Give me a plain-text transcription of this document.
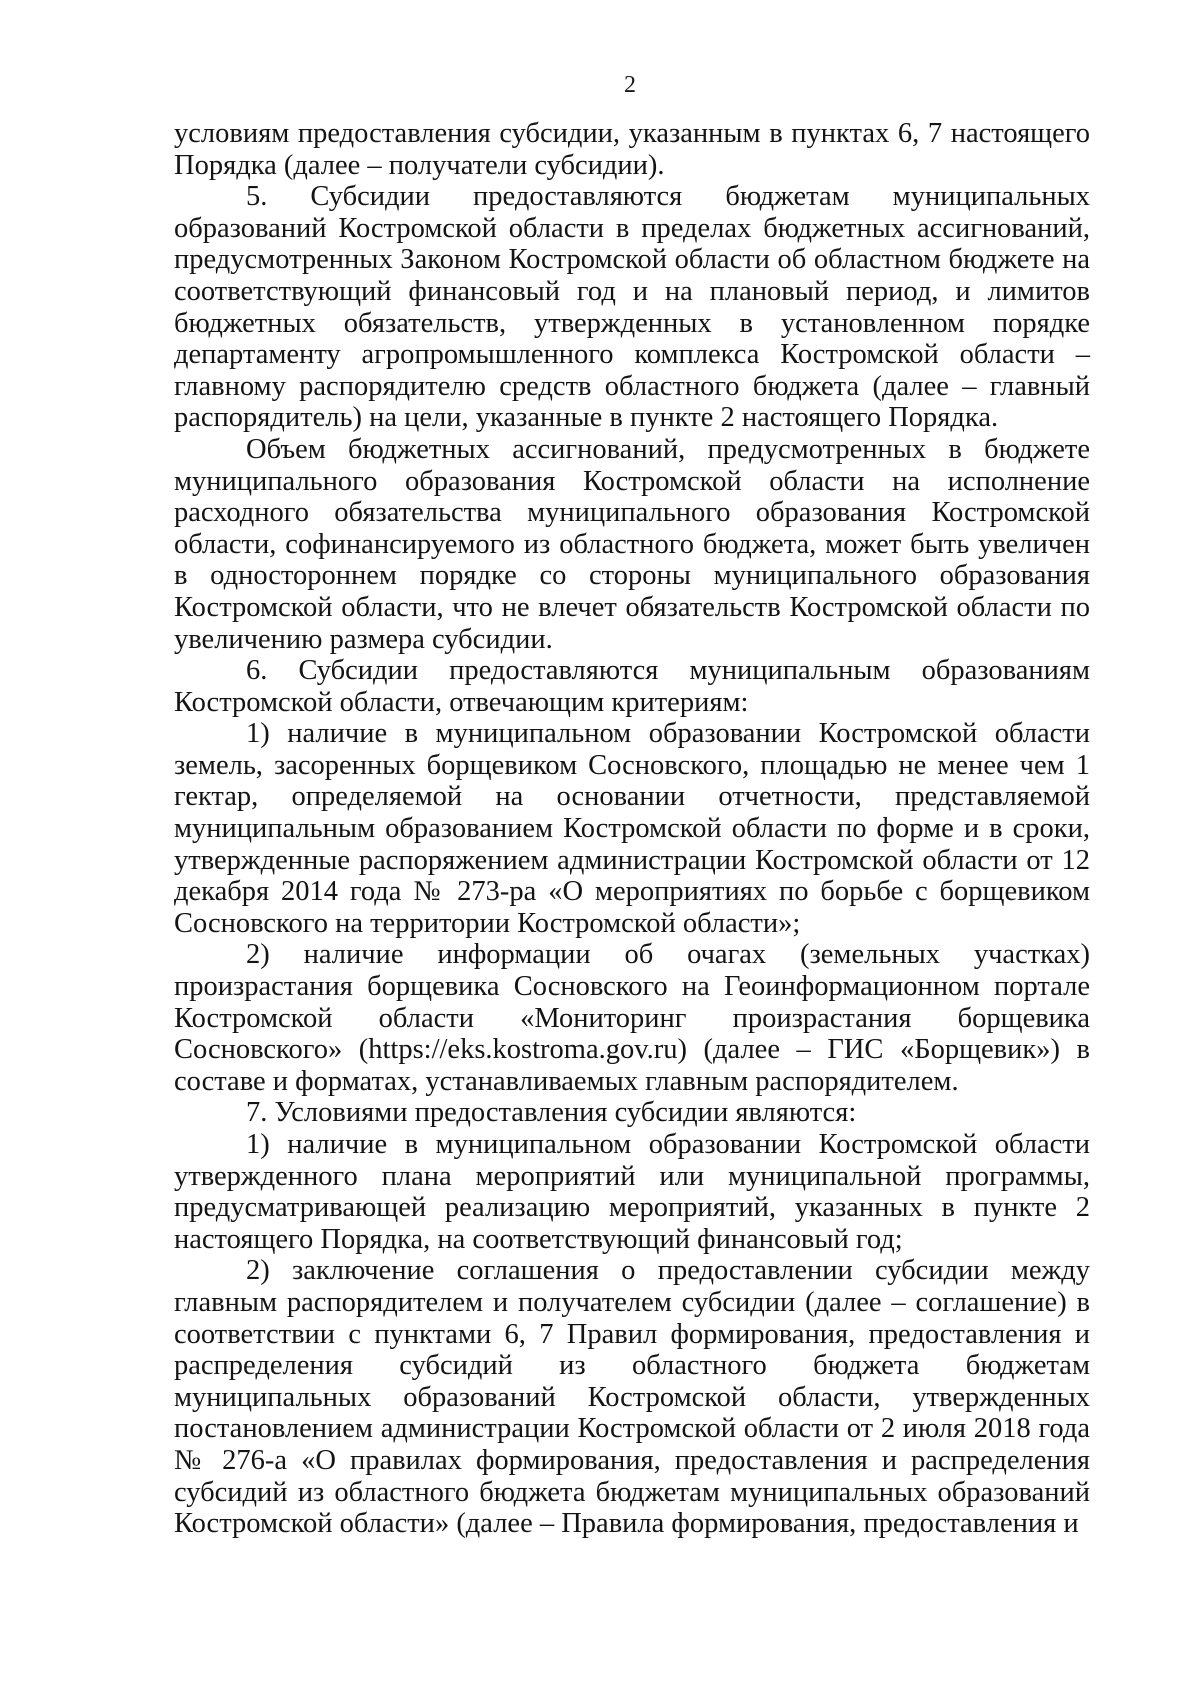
2

условиям предоставления субсидии, указанным в пунктах 6, 7 настоящего Порядка (далее – получатели субсидии).

5. Субсидии предоставляются бюджетам муниципальных образований Костромской области в пределах бюджетных ассигнований, предусмотренных Законом Костромской области об областном бюджете на соответствующий финансовый год и на плановый период, и лимитов бюджетных обязательств, утвержденных в установленном порядке департаменту агропромышленного комплекса Костромской области – главному распорядителю средств областного бюджета (далее – главный распорядитель) на цели, указанные в пункте 2 настоящего Порядка.

Объем бюджетных ассигнований, предусмотренных в бюджете муниципального образования Костромской области на исполнение расходного обязательства муниципального образования Костромской области, софинансируемого из областного бюджета, может быть увеличен в одностороннем порядке со стороны муниципального образования Костромской области, что не влечет обязательств Костромской области по увеличению размера субсидии.

6. Субсидии предоставляются муниципальным образованиям Костромской области, отвечающим критериям:

1) наличие в муниципальном образовании Костромской области земель, засоренных борщевиком Сосновского, площадью не менее чем 1 гектар, определяемой на основании отчетности, представляемой муниципальным образованием Костромской области по форме и в сроки, утвержденные распоряжением администрации Костромской области от 12 декабря 2014 года № 273-ра «О мероприятиях по борьбе с борщевиком Сосновского на территории Костромской области»;

2) наличие информации об очагах (земельных участках) произрастания борщевика Сосновского на Геоинформационном портале Костромской области «Мониторинг произрастания борщевика Сосновского» (https://eks.kostroma.gov.ru) (далее – ГИС «Борщевик») в составе и форматах, устанавливаемых главным распорядителем.

7. Условиями предоставления субсидии являются:

1) наличие в муниципальном образовании Костромской области утвержденного плана мероприятий или муниципальной программы, предусматривающей реализацию мероприятий, указанных в пункте 2 настоящего Порядка, на соответствующий финансовый год;

2) заключение соглашения о предоставлении субсидии между главным распорядителем и получателем субсидии (далее – соглашение) в соответствии с пунктами 6, 7 Правил формирования, предоставления и распределения субсидий из областного бюджета бюджетам муниципальных образований Костромской области, утвержденных постановлением администрации Костромской области от 2 июля 2018 года № 276-а «О правилах формирования, предоставления и распределения субсидий из областного бюджета бюджетам муниципальных образований Костромской области» (далее – Правила формирования, предоставления и
